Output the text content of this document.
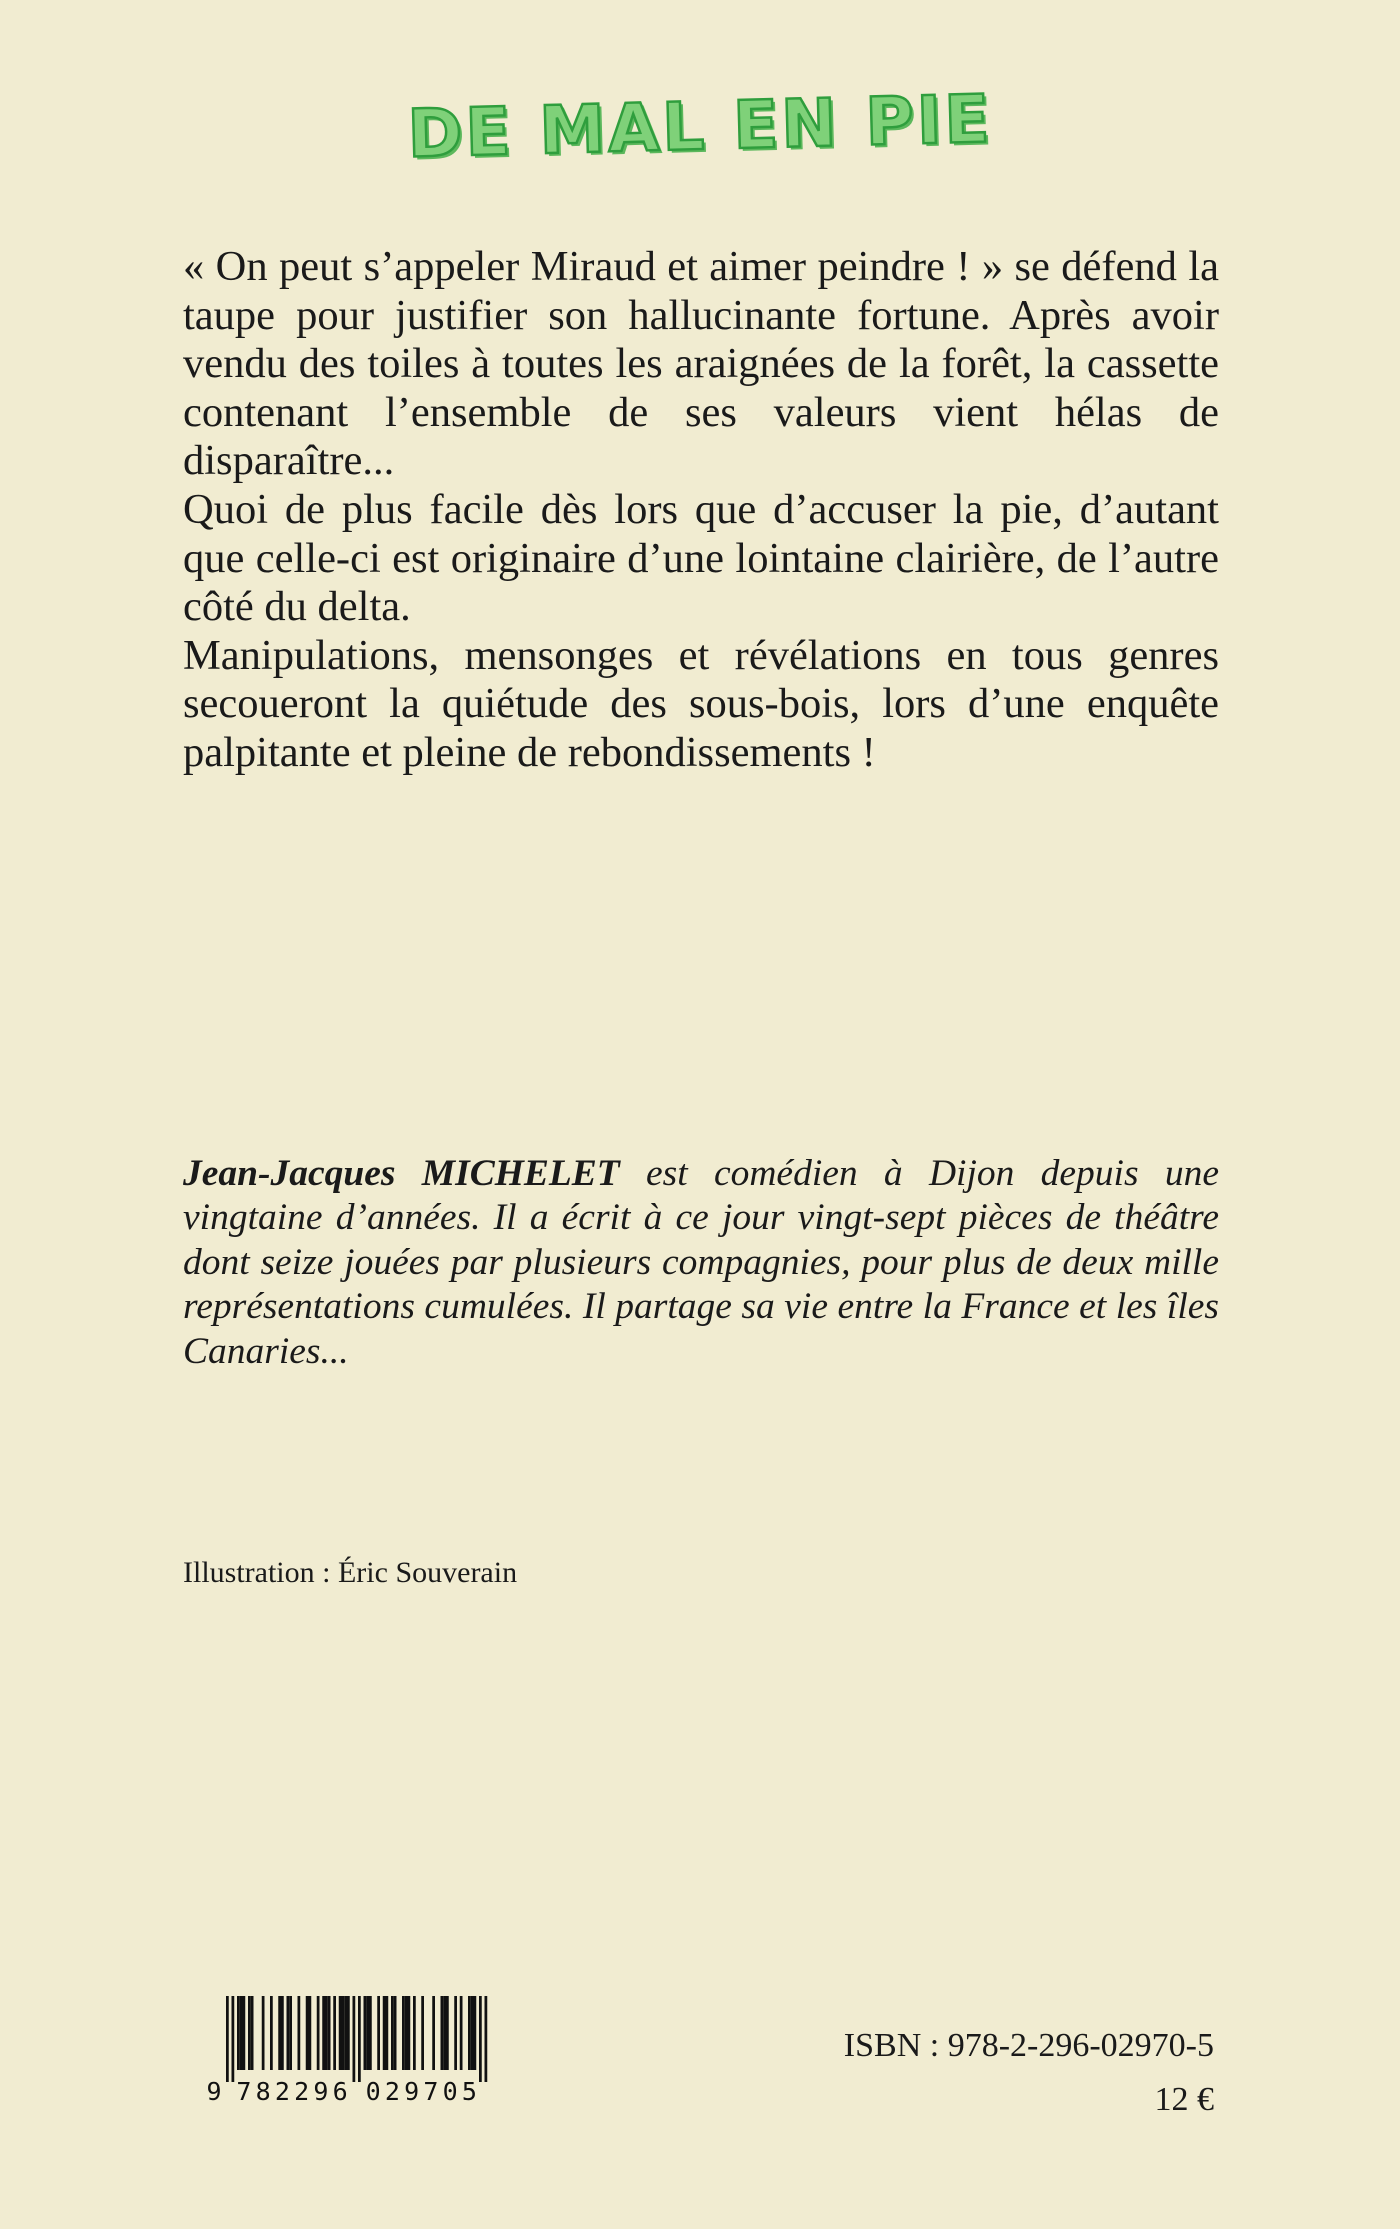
DE MAL EN PIE

« On peut s’appeler Miraud et aimer peindre ! » se défend la taupe pour justifier son hallucinante fortune. Après avoir vendu des toiles à toutes les araignées de la forêt, la cassette contenant l’ensemble de ses valeurs vient hélas de disparaître...

Quoi de plus facile dès lors que d’accuser la pie, d’autant que celle-ci est originaire d’une lointaine clairière, de l’autre côté du delta.

Manipulations, mensonges et révélations en tous genres secoueront la quiétude des sous-bois, lors d’une enquête palpitante et pleine de rebondissements !

Jean-Jacques MICHELET est comédien à Dijon depuis une vingtaine d’années. Il a écrit à ce jour vingt-sept pièces de théâtre dont seize jouées par plusieurs compagnies, pour plus de deux mille représentations cumulées. Il partage sa vie entre la France et les îles Canaries...

Illustration : Éric Souverain
9 7 8 2 2 9 6 0 2 9 7 0 5
ISBN : 978-2-296-02970-5
12 €
